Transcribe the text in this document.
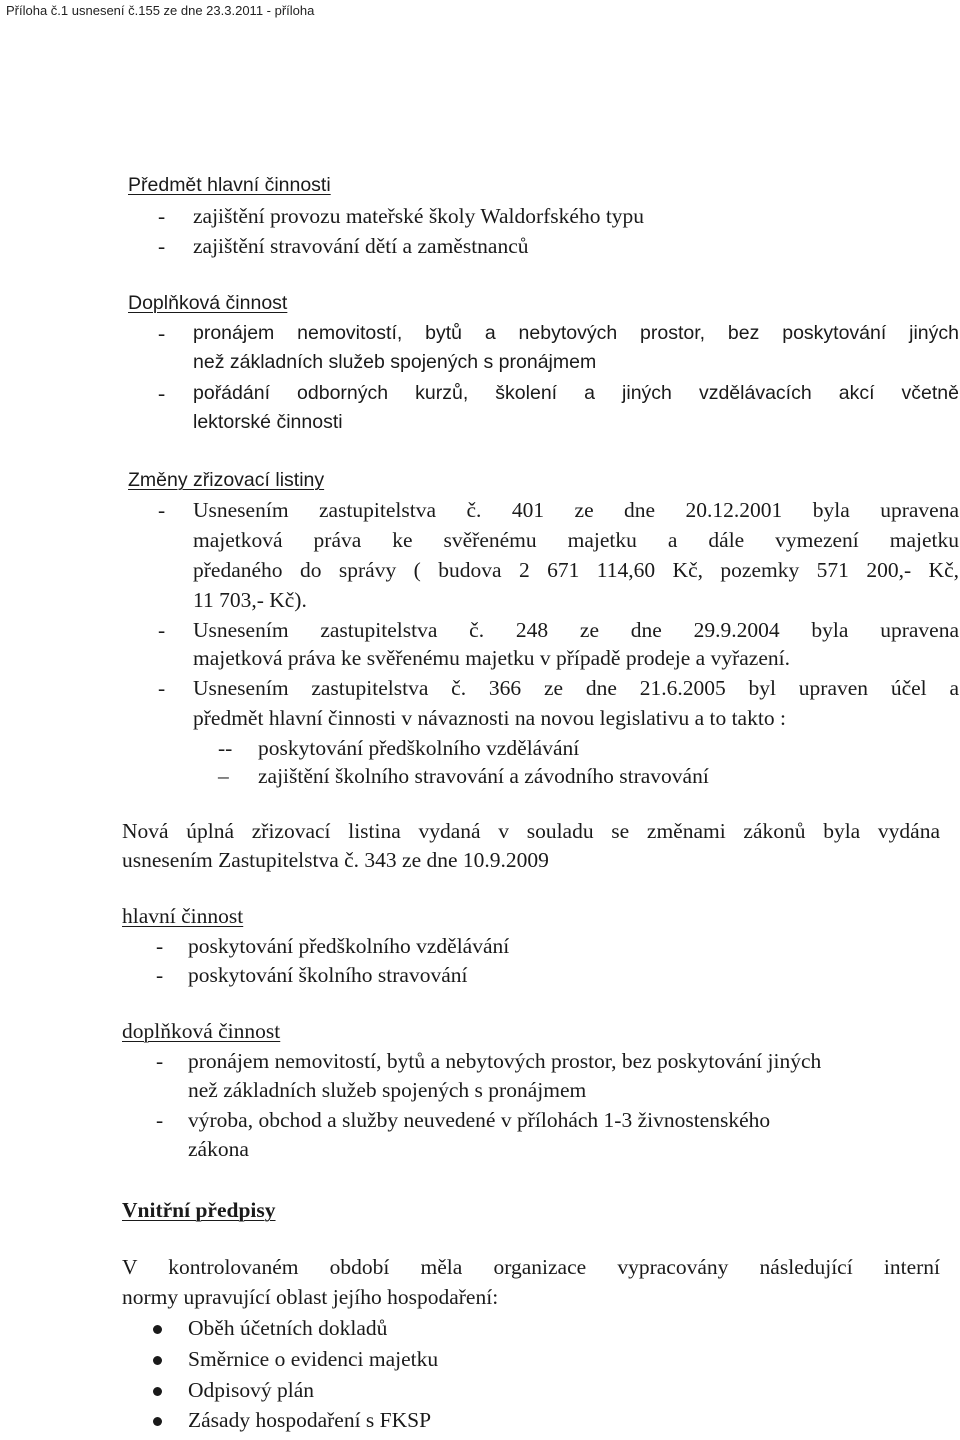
Příloha č.1 usnesení č.155 ze dne 23.3.2011 - příloha
Předmět hlavní činnosti
- zajištění provozu mateřské školy Waldorfského typu
- zajištění stravování dětí a zaměstnanců
Doplňková činnost
- pronájem nemovitostí, bytů a nebytových prostor, bez poskytování jiných
než základních služeb spojených s pronájmem
- pořádání odborných kurzů, školení a jiných vzdělávacích akcí včetně
lektorské činnosti
Změny zřizovací listiny
- Usnesením zastupitelstva č. 401 ze dne 20.12.2001 byla upravena
majetková práva ke svěřenému majetku a dále vymezení majetku
předaného do správy ( budova 2 671 114,60 Kč, pozemky 571 200,- Kč,
11 703,- Kč).
- Usnesením zastupitelstva č. 248 ze dne 29.9.2004 byla upravena
majetková práva ke svěřenému majetku v případě prodeje a vyřazení.
- Usnesením zastupitelstva č. 366 ze dne 21.6.2005 byl upraven účel a
předmět hlavní činnosti v návaznosti na novou legislativu a to takto :
-- poskytování předškolního vzdělávání
– zajištění školního stravování a závodního stravování
Nová úplná zřizovací listina vydaná v souladu se změnami zákonů byla vydána
usnesením Zastupitelstva č. 343 ze dne 10.9.2009
hlavní činnost
- poskytování předškolního vzdělávání
- poskytování školního stravování
doplňková činnost
- pronájem nemovitostí, bytů a nebytových prostor, bez poskytování jiných
než základních služeb spojených s pronájmem
- výroba, obchod a služby neuvedené v přílohách 1-3 živnostenského
zákona
Vnitřní předpisy
V kontrolovaném období měla organizace vypracovány následující interní
normy upravující oblast jejího hospodaření:
Oběh účetních dokladů
Směrnice o evidenci majetku
Odpisový plán
Zásady hospodaření s FKSP
